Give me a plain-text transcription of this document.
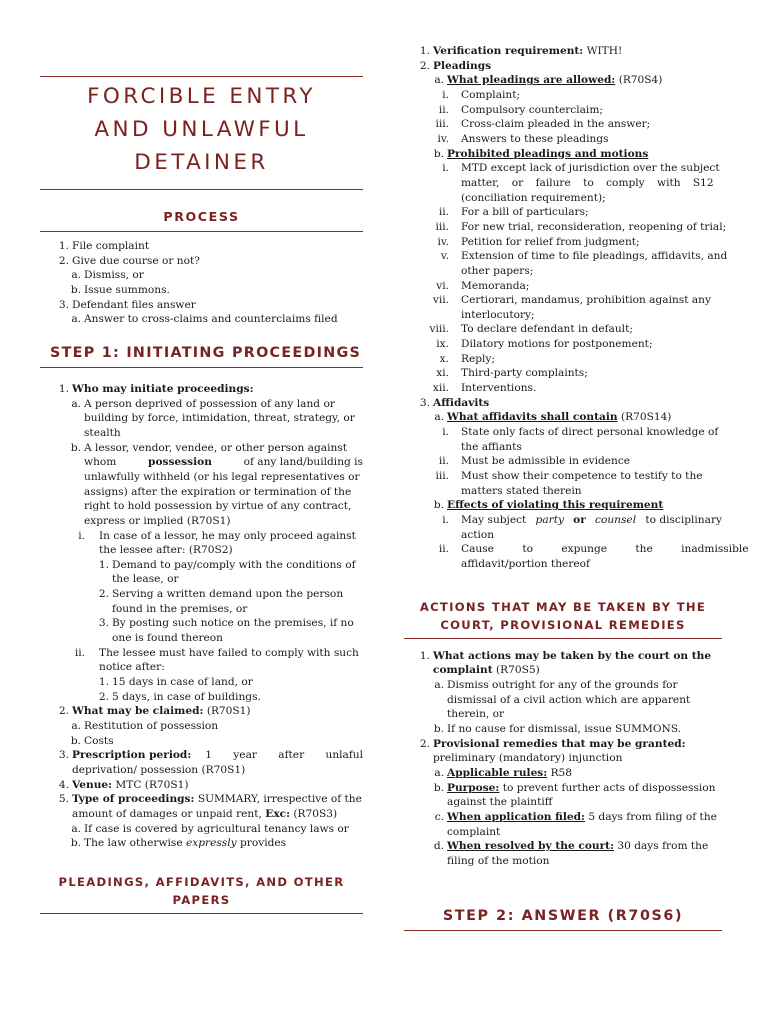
FORCIBLE ENTRY
AND UNLAWFUL
DETAINER
PROCESS
1. File complaint
2. Give due course or not?
a. Dismiss, or
b. Issue summons.
3. Defendant files answer
a. Answer to cross-claims and counterclaims filed
STEP 1: INITIATING PROCEEDINGS
1. Who may initiate proceedings:
a. A person deprived of possession of any land or
building by force, intimidation, threat, strategy, or
stealth
b. A lessor, vendor, vendee, or other person against
whom	possession	of any land/building is
unlawfully withheld (or his legal representatives or
assigns) after the expiration or termination of the
right to hold possession by virtue of any contract,
express or implied (R70S1)
i. In case of a lessor, he may only proceed against
the lessee after: (R70S2)
1. Demand to pay/comply with the conditions of
the lease, or
2. Serving a written demand upon the person
found in the premises, or
3. By posting such notice on the premises, if no
one is found thereon
ii. The lessee must have failed to comply with such
notice after:
1. 15 days in case of land, or
2. 5 days, in case of buildings.
2. What may be claimed: (R70S1)
a. Restitution of possession
b. Costs
3. Prescription period: 1 year after unlaful
deprivation/ possession (R70S1)
4. Venue: MTC (R70S1)
5. Type of proceedings: SUMMARY, irrespective of the
amount of damages or unpaid rent, Exc: (R70S3)
a. If case is covered by agricultural tenancy laws or
b. The law otherwise expressly provides
PLEADINGS, AFFIDAVITS, AND OTHER
PAPERS
1. Verification requirement: WITH!
2. Pleadings
a. What pleadings are allowed: (R70S4)
i. Complaint;
ii. Compulsory counterclaim;
iii. Cross-claim pleaded in the answer;
iv. Answers to these pleadings
b. Prohibited pleadings and motions
i. MTD except lack of jurisdiction over the subject
matter, or failure to comply with S12
(conciliation requirement);
ii. For a bill of particulars;
iii. For new trial, reconsideration, reopening of trial;
iv. Petition for relief from judgment;
v. Extension of time to file pleadings, affidavits, and
other papers;
vi. Memoranda;
vii. Certiorari, mandamus, prohibition against any
interlocutory;
viii. To declare defendant in default;
ix. Dilatory motions for postponement;
x. Reply;
xi. Third-party complaints;
xii. Interventions.
3. Affidavits
a. What affidavits shall contain (R70S14)
i. State only facts of direct personal knowledge of
the affiants
ii. Must be admissible in evidence
iii. Must show their competence to testify to the
matters stated therein
b. Effects of violating this requirement
i. May subject party or counsel to disciplinary
action
ii. Cause to expunge the inadmissible
affidavit/portion thereof
ACTIONS THAT MAY BE TAKEN BY THE
COURT, PROVISIONAL REMEDIES
1. What actions may be taken by the court on the
complaint (R70S5)
a. Dismiss outright for any of the grounds for
dismissal of a civil action which are apparent
therein, or
b. If no cause for dismissal, issue SUMMONS.
2. Provisional remedies that may be granted:
preliminary (mandatory) injunction
a. Applicable rules: R58
b. Purpose: to prevent further acts of dispossession
against the plaintiff
c. When application filed: 5 days from filing of the
complaint
d. When resolved by the court: 30 days from the
filing of the motion
STEP 2: ANSWER (R70S6)
